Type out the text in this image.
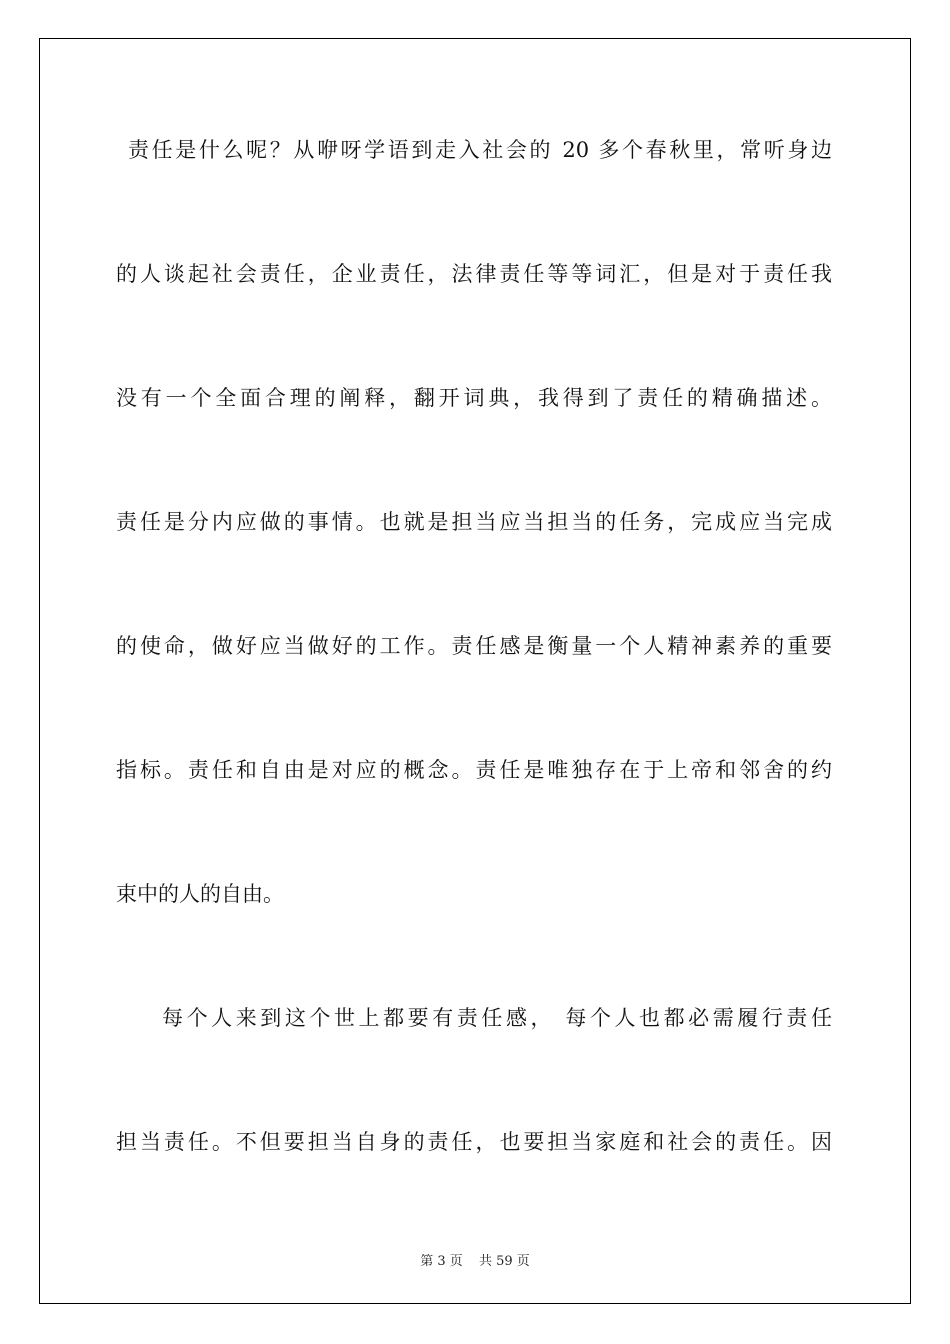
责任是什么呢？从咿呀学语到走入社会的 20 多个春秋里，常听身边
的人谈起社会责任，企业责任，法律责任等等词汇，但是对于责任我
没有一个全面合理的阐释，翻开词典，我得到了责任的精确描述。
责任是分内应做的事情。也就是担当应当担当的任务，完成应当完成
的使命，做好应当做好的工作。责任感是衡量一个人精神素养的重要
指标。责任和自由是对应的概念。责任是唯独存在于上帝和邻舍的约
束中的人的自由。
每个人来到这个世上都要有责任感， 每个人也都必需履行责任
担当责任。不但要担当自身的责任，也要担当家庭和社会的责任。因
第 3 页 共 59 页
